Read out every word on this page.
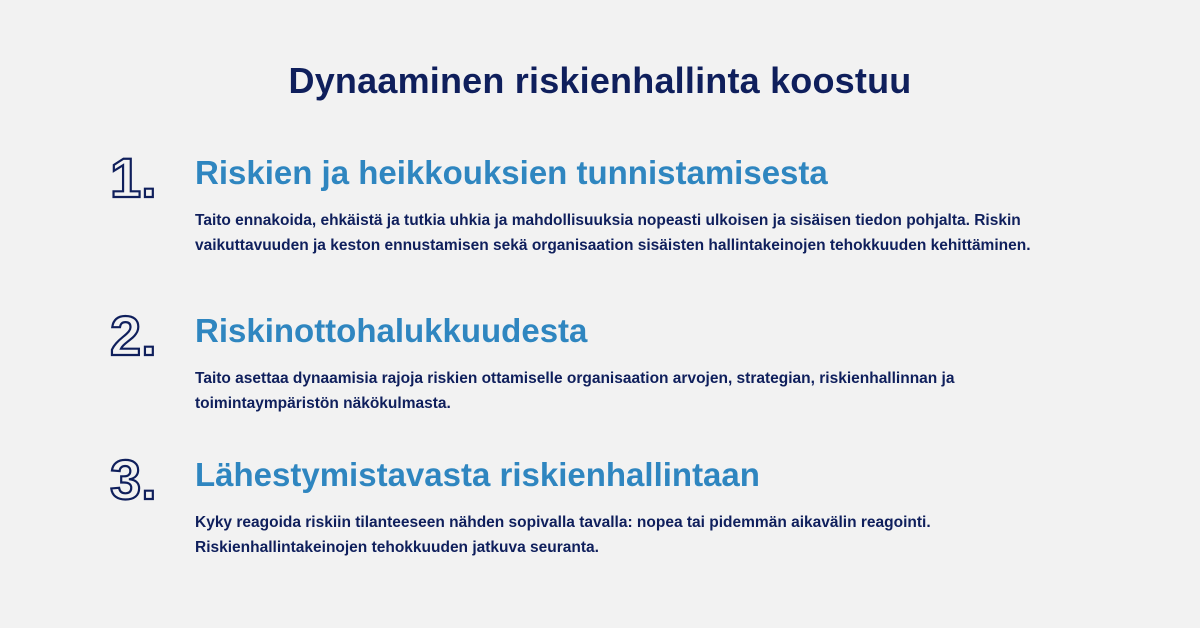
Dynaaminen riskienhallinta koostuu
1. Riskien ja heikkouksien tunnistamisesta
Taito ennakoida, ehkäistä ja tutkia uhkia ja mahdollisuuksia nopeasti ulkoisen ja sisäisen tiedon pohjalta. Riskin vaikuttavuuden ja keston ennustamisen sekä organisaation sisäisten hallintakeinojen tehokkuuden kehittäminen.
2. Riskinottohalukkuudesta
Taito asettaa dynaamisia rajoja riskien ottamiselle organisaation arvojen, strategian, riskienhallinnan ja toimintaympäristön näkökulmasta.
3. Lähestymistavasta riskienhallintaan
Kyky reagoida riskiin tilanteeseen nähden sopivalla tavalla: nopea tai pidemmän aikavälin reagointi. Riskienhallintakeinojen tehokkuuden jatkuva seuranta.
